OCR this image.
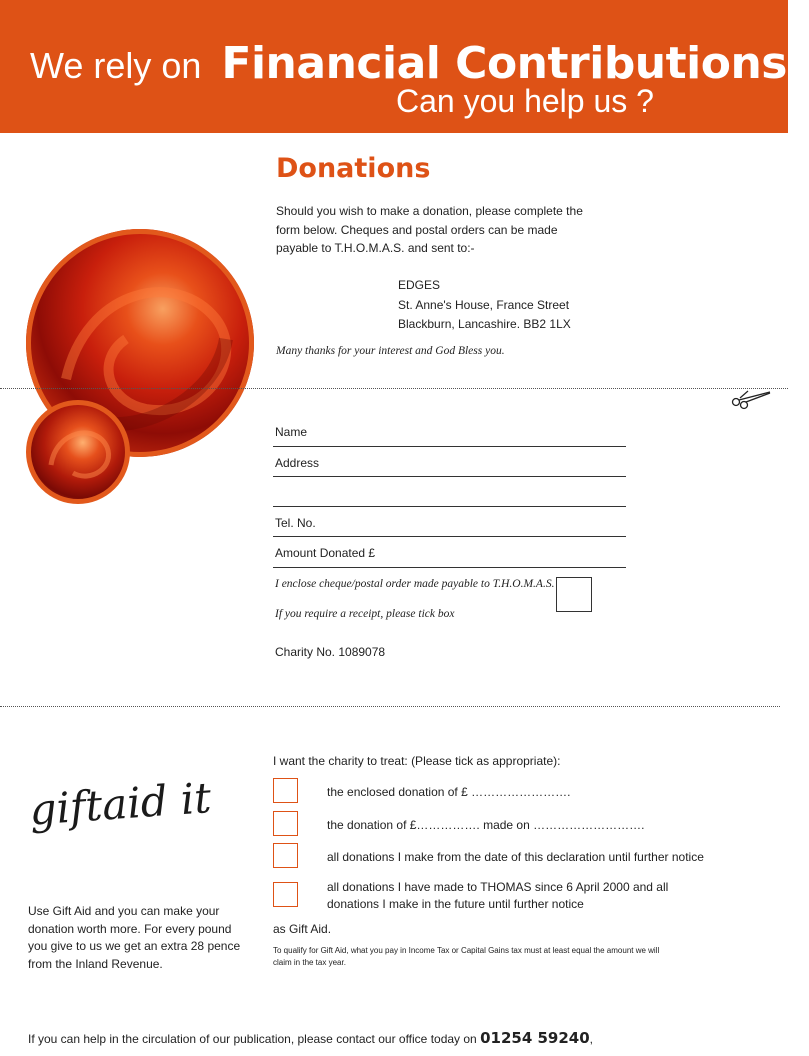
We rely on Financial Contributions -
Can you help us ?
Donations
Should you wish to make a donation, please complete the
form below. Cheques and postal orders can be made
payable to T.H.O.M.A.S. and sent to:-
EDGES
St. Anne's House, France Street
Blackburn, Lancashire. BB2 1LX
Many thanks for your interest and God Bless you.
Name
Address
Tel. No.
Amount Donated £
I enclose cheque/postal order made payable to T.H.O.M.A.S.
If you require a receipt, please tick box
Charity No. 1089078
giftaid it
Use Gift Aid and you can make your
donation worth more. For every pound
you give to us we get an extra 28 pence
from the Inland Revenue.
I want the charity to treat: (Please tick as appropriate):
the enclosed donation of £ …………………….
the donation of £……………. made on ……………………….
all donations I make from the date of this declaration until further notice
all donations I have made to THOMAS since 6 April 2000 and all
donations I make in the future until further notice
as Gift Aid.
To qualify for Gift Aid, what you pay in Income Tax or Capital Gains tax must at least equal the amount we will
claim in the tax year.
If you can help in the circulation of our publication, please contact our office today on 01254 59240,
